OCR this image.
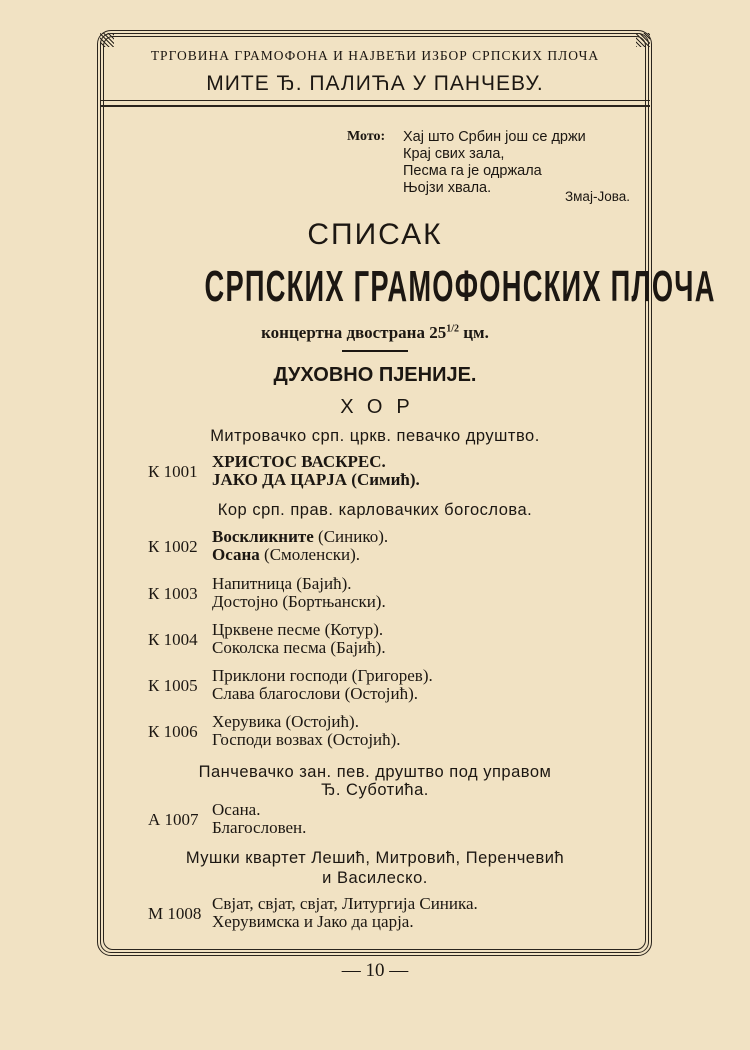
ТРГОВИНА ГРАМОФОНА И НАЈВЕЋИ ИЗБОР СРПСКИХ ПЛОЧА
МИТЕ Ђ. ПАЛИЋА У ПАНЧЕВУ.
Мото: Хај што Србин још се држи
Крај свих зала,
Песма га је одржала
Њојзи хвала.
Змај-Јова.
СПИСАК
СРПСКИХ ГРАМОФОНСКИХ ПЛОЧА
концертна двострана $25^{1/2}$ цм.
ДУХОВНО ПЈЕНИЈЕ.
ХОР
Митровачко срп. цркв. певачко друштво.
К 1001
ХРИСТОС ВАСКРЕС.
ЈАКО ДА ЦАРЈА (Симић).
Кор срп. прав. карловачких богослова.
К 1002
Воскликните (Синико).
Осана (Смоленски).
К 1003
Напитница (Бајић).
Достојно (Бортњански).
К 1004
Црквене песме (Котур).
Соколска песма (Бајић).
К 1005
Приклони господи (Григорев).
Слава благослови (Остојић).
К 1006
Херувика (Остојић).
Господи возвах (Остојић).
Панчевачко зан. пев. друштво под управом
Ђ. Суботића.
А 1007
Осана.
Благословен.
Мушки квартет Лешић, Митровић, Перенчевић
и Василеско.
М 1008
Свјат, свјат, свјат, Литургија Синика.
Херувимска и Јако да царја.
— 10 —
